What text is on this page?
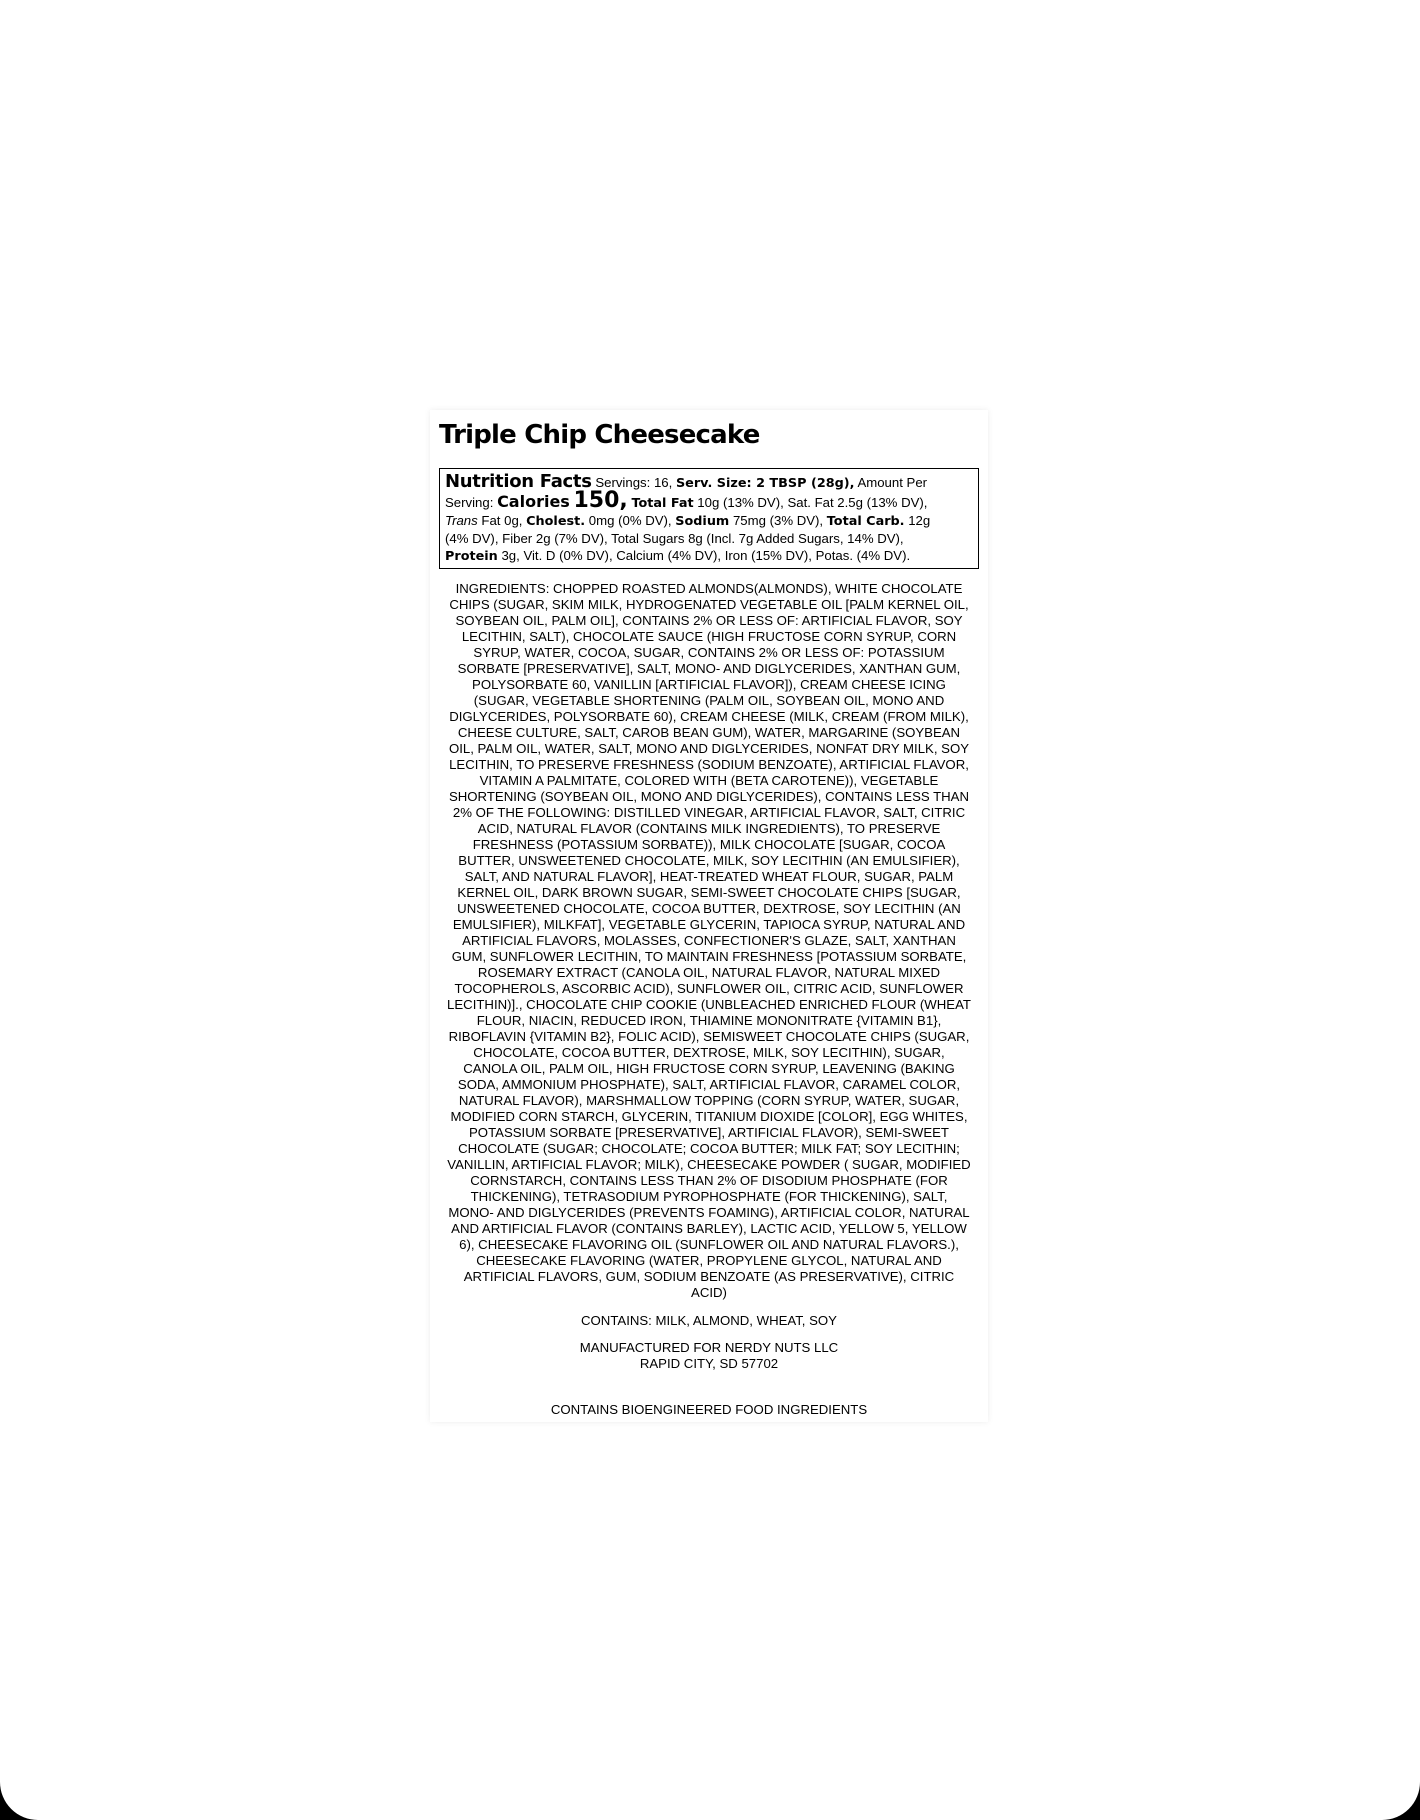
Triple Chip Cheesecake
Nutrition Facts Servings: 16, Serv. Size: 2 TBSP (28g), Amount Per
Serving: Calories 150, Total Fat 10g (13% DV), Sat. Fat 2.5g (13% DV),
Trans Fat 0g, Cholest. 0mg (0% DV), Sodium 75mg (3% DV), Total Carb. 12g
(4% DV), Fiber 2g (7% DV), Total Sugars 8g (Incl. 7g Added Sugars, 14% DV),
Protein 3g, Vit. D (0% DV), Calcium (4% DV), Iron (15% DV), Potas. (4% DV).
INGREDIENTS: CHOPPED ROASTED ALMONDS(ALMONDS), WHITE CHOCOLATE
CHIPS (SUGAR, SKIM MILK, HYDROGENATED VEGETABLE OIL [PALM KERNEL OIL,
SOYBEAN OIL, PALM OIL], CONTAINS 2% OR LESS OF: ARTIFICIAL FLAVOR, SOY
LECITHIN, SALT), CHOCOLATE SAUCE (HIGH FRUCTOSE CORN SYRUP, CORN
SYRUP, WATER, COCOA, SUGAR, CONTAINS 2% OR LESS OF: POTASSIUM
SORBATE [PRESERVATIVE], SALT, MONO- AND DIGLYCERIDES, XANTHAN GUM,
POLYSORBATE 60, VANILLIN [ARTIFICIAL FLAVOR]), CREAM CHEESE ICING
(SUGAR, VEGETABLE SHORTENING (PALM OIL, SOYBEAN OIL, MONO AND
DIGLYCERIDES, POLYSORBATE 60), CREAM CHEESE (MILK, CREAM (FROM MILK),
CHEESE CULTURE, SALT, CAROB BEAN GUM), WATER, MARGARINE (SOYBEAN
OIL, PALM OIL, WATER, SALT, MONO AND DIGLYCERIDES, NONFAT DRY MILK, SOY
LECITHIN, TO PRESERVE FRESHNESS (SODIUM BENZOATE), ARTIFICIAL FLAVOR,
VITAMIN A PALMITATE, COLORED WITH (BETA CAROTENE)), VEGETABLE
SHORTENING (SOYBEAN OIL, MONO AND DIGLYCERIDES), CONTAINS LESS THAN
2% OF THE FOLLOWING: DISTILLED VINEGAR, ARTIFICIAL FLAVOR, SALT, CITRIC
ACID, NATURAL FLAVOR (CONTAINS MILK INGREDIENTS), TO PRESERVE
FRESHNESS (POTASSIUM SORBATE)), MILK CHOCOLATE [SUGAR, COCOA
BUTTER, UNSWEETENED CHOCOLATE, MILK, SOY LECITHIN (AN EMULSIFIER),
SALT, AND NATURAL FLAVOR], HEAT-TREATED WHEAT FLOUR, SUGAR, PALM
KERNEL OIL, DARK BROWN SUGAR, SEMI-SWEET CHOCOLATE CHIPS [SUGAR,
UNSWEETENED CHOCOLATE, COCOA BUTTER, DEXTROSE, SOY LECITHIN (AN
EMULSIFIER), MILKFAT], VEGETABLE GLYCERIN, TAPIOCA SYRUP, NATURAL AND
ARTIFICIAL FLAVORS, MOLASSES, CONFECTIONER'S GLAZE, SALT, XANTHAN
GUM, SUNFLOWER LECITHIN, TO MAINTAIN FRESHNESS [POTASSIUM SORBATE,
ROSEMARY EXTRACT (CANOLA OIL, NATURAL FLAVOR, NATURAL MIXED
TOCOPHEROLS, ASCORBIC ACID), SUNFLOWER OIL, CITRIC ACID, SUNFLOWER
LECITHIN)]., CHOCOLATE CHIP COOKIE (UNBLEACHED ENRICHED FLOUR (WHEAT
FLOUR, NIACIN, REDUCED IRON, THIAMINE MONONITRATE {VITAMIN B1},
RIBOFLAVIN {VITAMIN B2}, FOLIC ACID), SEMISWEET CHOCOLATE CHIPS (SUGAR,
CHOCOLATE, COCOA BUTTER, DEXTROSE, MILK, SOY LECITHIN), SUGAR,
CANOLA OIL, PALM OIL, HIGH FRUCTOSE CORN SYRUP, LEAVENING (BAKING
SODA, AMMONIUM PHOSPHATE), SALT, ARTIFICIAL FLAVOR, CARAMEL COLOR,
NATURAL FLAVOR), MARSHMALLOW TOPPING (CORN SYRUP, WATER, SUGAR,
MODIFIED CORN STARCH, GLYCERIN, TITANIUM DIOXIDE [COLOR], EGG WHITES,
POTASSIUM SORBATE [PRESERVATIVE], ARTIFICIAL FLAVOR), SEMI-SWEET
CHOCOLATE (SUGAR; CHOCOLATE; COCOA BUTTER; MILK FAT; SOY LECITHIN;
VANILLIN, ARTIFICIAL FLAVOR; MILK), CHEESECAKE POWDER ( SUGAR, MODIFIED
CORNSTARCH, CONTAINS LESS THAN 2% OF DISODIUM PHOSPHATE (FOR
THICKENING), TETRASODIUM PYROPHOSPHATE (FOR THICKENING), SALT,
MONO- AND DIGLYCERIDES (PREVENTS FOAMING), ARTIFICIAL COLOR, NATURAL
AND ARTIFICIAL FLAVOR (CONTAINS BARLEY), LACTIC ACID, YELLOW 5, YELLOW
6), CHEESECAKE FLAVORING OIL (SUNFLOWER OIL AND NATURAL FLAVORS.),
CHEESECAKE FLAVORING (WATER, PROPYLENE GLYCOL, NATURAL AND
ARTIFICIAL FLAVORS, GUM, SODIUM BENZOATE (AS PRESERVATIVE), CITRIC
ACID)
CONTAINS: MILK, ALMOND, WHEAT, SOY
MANUFACTURED FOR NERDY NUTS LLC
RAPID CITY, SD 57702
CONTAINS BIOENGINEERED FOOD INGREDIENTS
